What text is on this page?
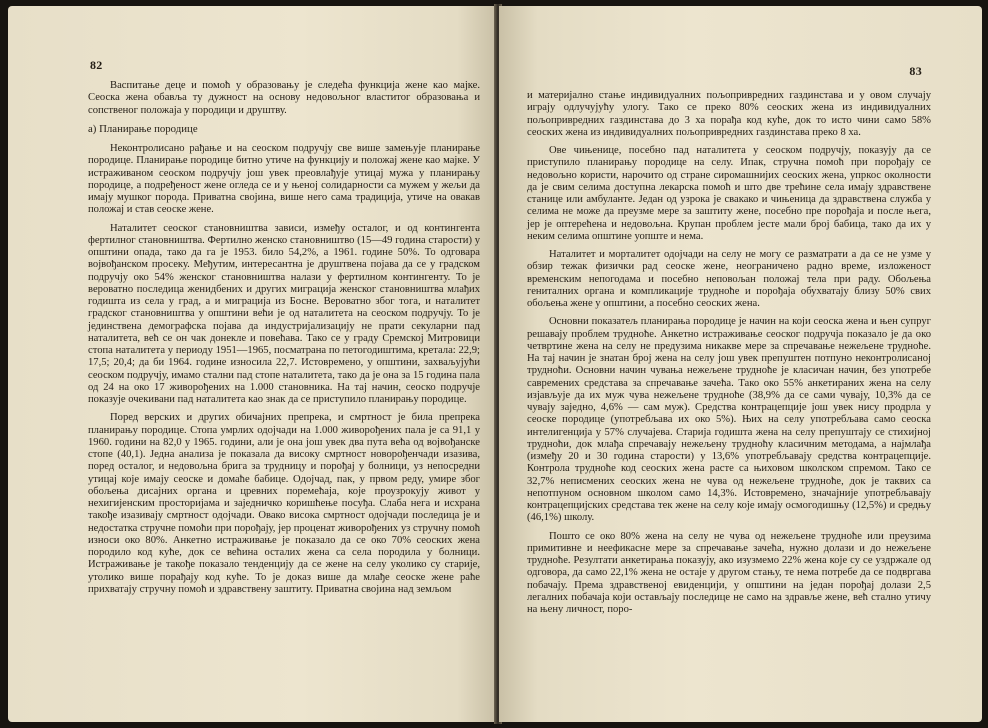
82

Васпитање деце и помоћ у образовању је следећа функција жене као мајке. Сеоска жена обавља ту дужност на основу недовољног властитог образовања и сопственог положаја у породици и друштву.

а) Планирање породице

Неконтролисано рађање и на сеоском подручју све више замењује планирање породице. Планирање породице битно утиче на функцију и положај жене као мајке. У истраживаном сеоском подручју још увек преовлађује утицај мужа у планирању породице, а подређеност жене огледа се и у њеној солидарности са мужем у жељи да имају мушког порода. Приватна својина, више него сама традиција, утиче на овакав положај и став сеоске жене.

Наталитет сеоског становништва зависи, између осталог, и од контингента фертилног становништва. Фертилно женско становништво (15—49 година старости) у општини опада, тако да га је 1953. било 54,2%, а 1961. године 50%. То одговара војвођанском просеку. Међутим, интересантна је друштвена појава да се у градском подручју око 54% женског становништва налази у фертилном контингенту. То је вероватно последица женидбених и других миграција женског становништва млађих годишта из села у град, а и миграција из Босне. Вероватно због тога, и наталитет градског становништва у општини већи је од наталитета на сеоском подручју. То је јединствена демографска појава да индустријализацију не прати секуларни пад наталитета, већ се он чак донекле и повећава. Тако се у граду Сремској Митровици стопа наталитета у периоду 1951—1965, посматрана по петогодиштима, кретала: 22,9; 17,5; 20,4; да би 1964. године износила 22,7. Истовремено, у општини, захваљујући сеоском подручју, имамо стални пад стопе наталитета, тако да је она за 15 година пала од 24 на око 17 живорођених на 1.000 становника. На тај начин, сеоско подручје показује очекивани пад наталитета као знак да се приступило планирању породице.

Поред верских и других обичајних препрека, и смртност је била препрека планирању породице. Стопа умрлих одојчади на 1.000 живорођених пала је са 91,1 у 1960. години на 82,0 у 1965. години, али је она још увек два пута већа од војвођанске стопе (40,1). Једна анализа је показала да високу смртност новорођенчади изазива, поред осталог, и недовољна брига за трудницу и порођај у болници, уз непосредни утицај које имају сеоске и домаће бабице. Одојчад, пак, у првом реду, умире због обољења дисајних органа и цревних поремећаја, које проузрокују живот у нехигијенским просторијама и заједничко коришћење посуђа. Слаба нега и исхрана такође изазивају смртност одојчади. Овако висока смртност одојчади последица је и недостатка стручне помоћи при порођају, јер проценат живорођених уз стручну помоћ износи око 80%. Анкетно истраживање је показало да се око 70% сеоских жена породило код куће, док се већина осталих жена са села породила у болници. Истраживање је такође показало тенденцију да се жене на селу уколико су старије, утолико више порађају код куће. То је доказ више да млађе сеоске жене раће прихватају стручну помоћ и здравствену заштиту. Приватна својина над земљом

83

и материјално стање индивидуалних пољопривредних газдинстава и у овом случају играју одлучујућу улогу. Тако се преко 80% сеоских жена из индивидуалних пољопривредних газдинстава до 3 ха порађа код куће, док то исто чини само 58% сеоских жена из индивидуалних пољопривредних газдинстава преко 8 ха.

Ове чињенице, посебно пад наталитета у сеоском подручју, показују да се приступило планирању породице на селу. Ипак, стручна помоћ при порођају се недовољно користи, нарочито од стране сиромашнијих сеоских жена, упркос околности да је свим селима доступна лекарска помоћ и што две трећине села имају здравствене станице или амбуланте. Један од узрока је свакако и чињеница да здравствена служба у селима не може да преузме мере за заштиту жене, посебно пре порођаја и после њега, јер је оптерећена и недовољна. Крупан проблем јесте мали број бабица, тако да их у неким селима општине уопште и нема.

Наталитет и морталитет одојчади на селу не могу се разматрати а да се не узме у обзир тежак физички рад сеоске жене, неограничено радно време, изложеност временским непогодама и посебно неповољан положај тела при раду. Обољења гениталних органа и компликације трудноће и порођаја обухватају близу 50% свих обољења жене у општини, а посебно сеоских жена.

Основни показатељ планирања породице је начин на који сеоска жена и њен супруг решавају проблем трудноће. Анкетно истраживање сеоског подручја показало је да око четвртине жена на селу не предузима никакве мере за спречавање нежељене трудноће. На тај начин је знатан број жена на селу још увек препуштен потпуно неконтролисаној трудноћи. Основни начин чувања нежељене трудноће је класичан начин, без употребе савремених средстава за спречавање зачећа. Тако око 55% анкетираних жена на селу изјављује да их муж чува нежељене трудноће (38,9% да се сами чувају, 10,3% да се чувају заједно, 4,6% — сам муж). Средства контрацепције још увек нису продрла у сеоске породице (употребљава их око 5%). Њих на селу употребљава само сеоска интелигенција у 57% случајева. Старија годишта жена на селу препуштају се стихијној трудноћи, док млађа спречавају нежељену трудноћу класичним методама, а најмлађа (између 20 и 30 година старости) у 13,6% употребљавају средства контрацепције. Контрола трудноће код сеоских жена расте са њиховом школском спремом. Тако се 32,7% неписмених сеоских жена не чува од нежељене трудноће, док је таквих са непотпуном основном школом само 14,3%. Истовремено, значајније употребљавају контрацепцијских средстава тек жене на селу које имају осмогодишњу (12,5%) и средњу (46,1%) школу.

Пошто се око 80% жена на селу не чува од нежељене трудноће или преузима примитивне и неефикасне мере за спречавање зачећа, нужно долази и до нежељене трудноће. Резултати анкетирања показују, ако изузмемо 22% жена које су се уздржале од одговора, да само 22,1% жена не остаје у другом стању, те нема потребе да се подвргава побачају. Према здравственој евиденцији, у општини на један порођај долази 2,5 легалних побачаја који остављају последице не само на здравље жене, већ стално утичу на њену личност, поро-
